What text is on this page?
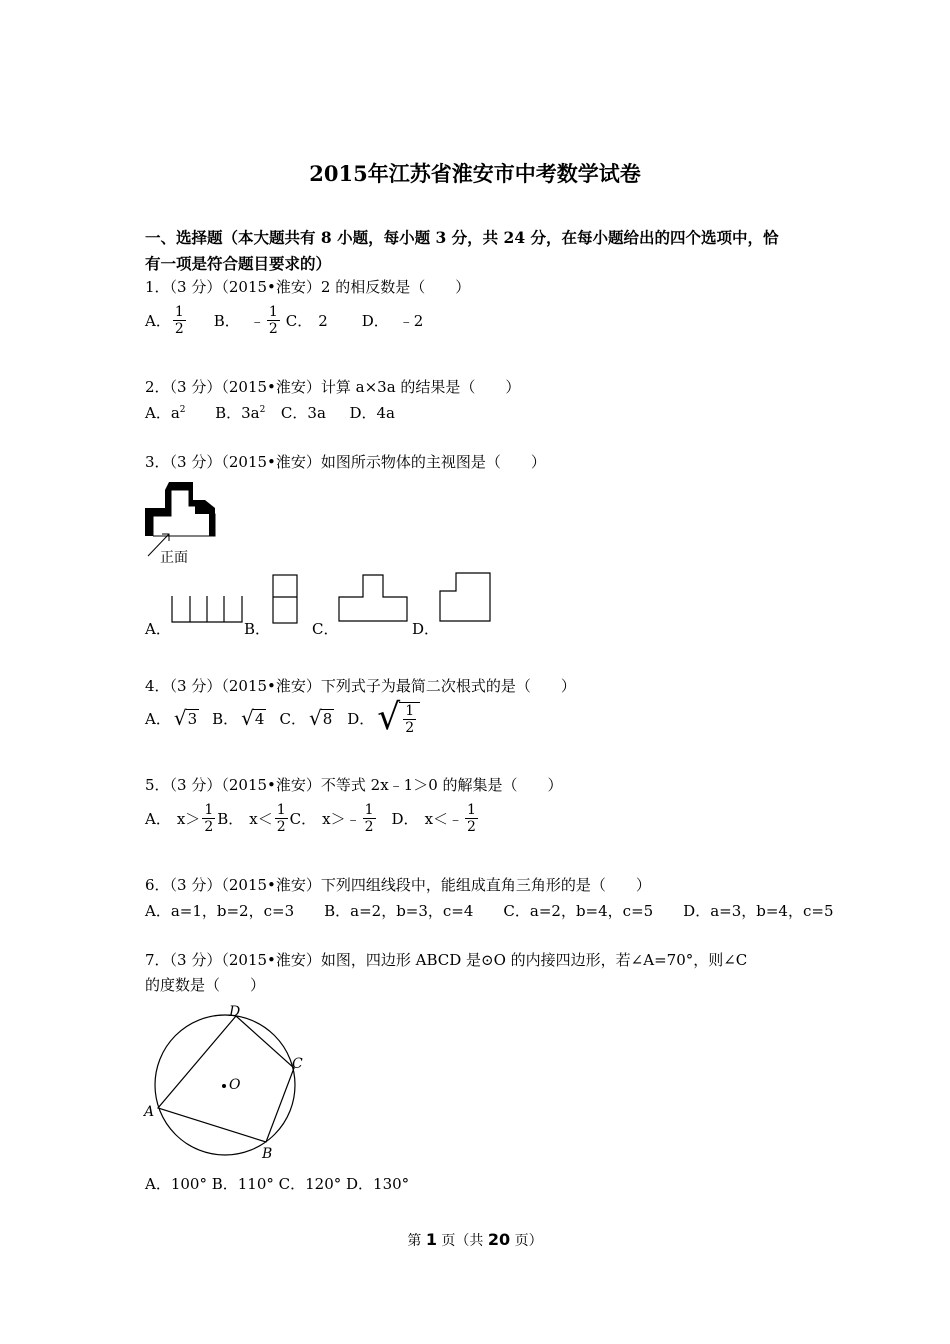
2015年江苏省淮安市中考数学试卷
一、选择题（本大题共有 8 小题，每小题 3 分，共 24 分，在每小题给出的四个选项中，恰
有一项是符合题目要求的）
1．（3 分）（2015•淮安）2 的相反数是（　　）
A． $\frac{1}{2}$ B． ﹣ $\frac{1}{2}$ C． 2 D． ﹣2
2．（3 分）（2015•淮安）计算 a×3a 的结果是（　　）
A．$a^2$ B．$3a^2$ C．3a D．4a
3．（3 分）（2015•淮安）如图所示物体的主视图是（　　）
正面
A．	B．	C．	D．
4．（3 分）（2015•淮安）下列式子为最简二次根式的是（　　）
A． √ 3 B． √ 4 C． √ 8 D． √ $\frac{1}{2}$
5．（3 分）（2015•淮安）不等式 2x﹣1＞0 的解集是（　　）
A． $x> \frac{1}{2}$ B． $x< \frac{1}{2}$ C． x＞﹣ $\frac{1}{2}$ D． x＜﹣ $\frac{1}{2}$
6．（3 分）（2015•淮安）下列四组线段中，能组成直角三角形的是（　　）
A．a=1，b=2，c=3　　B．a=2，b=3，c=4　　C．a=2，b=4，c=5　　D．a=3，b=4，c=5
7．（3 分）（2015•淮安）如图，四边形 ABCD 是⊙O 的内接四边形，若∠A=70°，则∠C
的度数是（　　）
O
D
C
B
A
A．100° B．110° C．120° D．130°
第 1 页（共 20 页）
